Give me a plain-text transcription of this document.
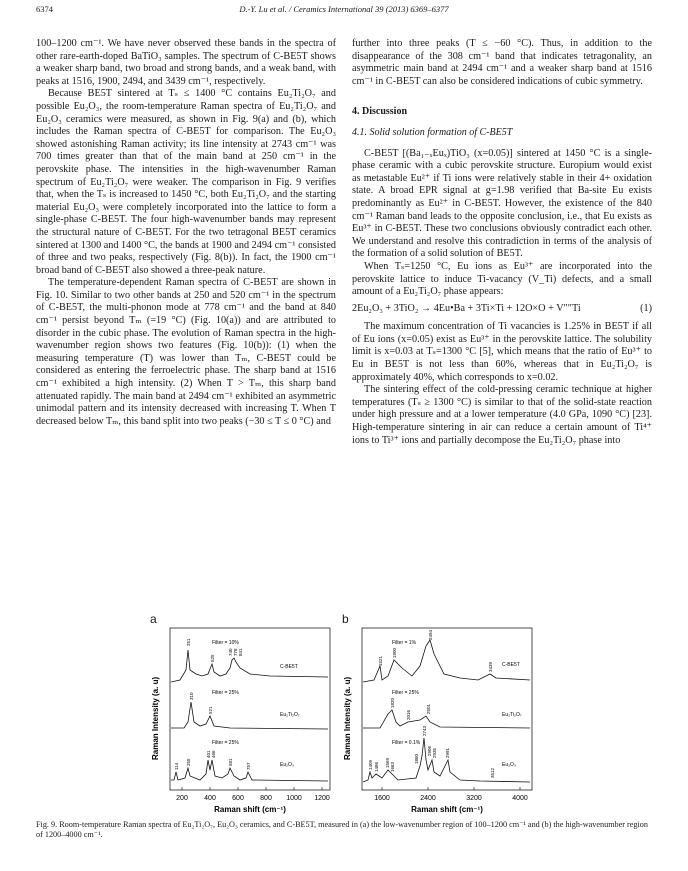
6374	D.-Y. Lu et al. / Ceramics International 39 (2013) 6369–6377

100–1200 cm⁻¹. We have never observed these bands in the spectra of other rare-earth-doped BaTiO₃ samples. The spectrum of C-BE5T shows a weaker sharp band, two broad and strong bands, and a weak band, with peaks at 1516, 1900, 2494, and 3439 cm⁻¹, respectively.

Because BE5T sintered at Tₛ ≤ 1400 °C contains Eu₂Ti₂O₇ and possible Eu₂O₃, the room-temperature Raman spectra of Eu₂Ti₂O₇ and Eu₂O₃ ceramics were measured, as shown in Fig. 9(a) and (b), which includes the Raman spectra of C-BE5T for comparison. The Eu₂O₃ showed astonishing Raman activity; its line intensity at 2743 cm⁻¹ was 700 times greater than that of the main band at 250 cm⁻¹ in the perovskite phase. The intensities in the high-wavenumber Raman spectrum of Eu₂Ti₂O₇ were weaker. The comparison in Fig. 9 verifies that, when the Tₛ is increased to 1450 °C, both Eu₂Ti₂O₇ and the starting material Eu₂O₃ were completely incorporated into the lattice to form a single-phase C-BE5T. The four high-wavenumber bands may represent the structural nature of C-BE5T. For the two tetragonal BE5T ceramics sintered at 1300 and 1400 °C, the bands at 1900 and 2494 cm⁻¹ consisted of three and two peaks, respectively (Fig. 8(b)). In fact, the 1900 cm⁻¹ broad band of C-BE5T also showed a three-peak nature.

The temperature-dependent Raman spectra of C-BE5T are shown in Fig. 10. Similar to two other bands at 250 and 520 cm⁻¹ in the spectrum of C-BE5T, the multi-phonon mode at 778 cm⁻¹ and the band at 840 cm⁻¹ persist beyond Tₘ (=19 °C) (Fig. 10(a)) and are attributed to disorder in the cubic phase. The evolution of Raman spectra in the high-wavenumber region shows two features (Fig. 10(b)): (1) when the measuring temperature (T) was lower than Tₘ, C-BE5T could be considered as entering the ferroelectric phase. The sharp band at 1516 cm⁻¹ exhibited a high intensity. (2) When T > Tₘ, this sharp band attenuated rapidly. The main band at 2494 cm⁻¹ exhibited an asymmetric unimodal pattern and its intensity decreased with increasing T. When T decreased below Tₘ, this band split into two peaks (−30 ≤ T ≤ 0 °C) and

further into three peaks (T ≤ −60 °C). Thus, in addition to the disappearance of the 308 cm⁻¹ band that indicates tetragonality, an asymmetric main band at 2494 cm⁻¹ and a weaker sharp band at 1516 cm⁻¹ in C-BE5T can also be considered indications of cubic symmetry.

4. Discussion
4.1. Solid solution formation of C-BE5T

C-BE5T [(Ba₁₋ₓEuₓ)TiO₃ (x=0.05)] sintered at 1450 °C is a single-phase ceramic with a cubic perovskite structure. Europium would exist as metastable Eu²⁺ if Ti ions were relatively stable in their 4+ oxidation state. A broad EPR signal at g=1.98 verified that Ba-site Eu exists predominantly as Eu²⁺ in C-BE5T. However, the existence of the 840 cm⁻¹ Raman band leads to the opposite conclusion, i.e., that Eu exists as Eu³⁺ in C-BE5T. These two conclusions obviously contradict each other. We understand and resolve this contradiction in terms of the analysis of the formation of a solid solution of BE5T.

When Tₛ=1250 °C, Eu ions as Eu³⁺ are incorporated into the perovskite lattice to induce Ti-vacancy (V_Ti) defects, and a small amount of a Eu₂Ti₂O₇ phase appears:

2Eu₂O₃ + 3TiO₂ → 4Eu•Ba + 3Ti×Ti + 12O×O + V″″Ti	(1)

The maximum concentration of Ti vacancies is 1.25% in BE5T if all of Eu ions (x=0.05) exist as Eu³⁺ in the perovskite lattice. The solubility limit is x=0.03 at Tₛ=1300 °C [5], which means that the ratio of Eu³⁺ to Eu in BE5T is not less than 60%, whereas that in Eu₂Ti₂O₇ is approximately 40%, which corresponds to x=0.02.

The sintering effect of the cold-pressing ceramic technique at higher temperatures (Tₛ ≥ 1300 °C) is similar to that of the solid-state reaction under high pressure and at a lower temperature (4.0 GPa, 1090 °C) [23]. High-temperature sintering in air can reduce a certain amount of Ti⁴⁺ ions to Ti³⁺ ions and partially decompose the Eu₂Ti₂O₇ phase into

a	b
Raman Intensity (a. u)	Raman Intensity (a. u)
Raman shift (cm⁻¹)	Raman shift (cm⁻¹)
200 400 600 800 1000 1200	1600	2400	3200	4000
Filter = 10%
C-BE5T
Filter = 25%
Eu₂Ti₂O₇
Filter = 25%
Eu₂O₃
251
525
740 778 841
310
521
114
255
401 466
581
757
Filter = 1%
C-BE5T
Filter = 25%
Eu₂Ti₂O₇
Filter = 0.1%
Eu₂O₃
1521
1900
2494
3439
1820
2016
2501
1409 1486 1569 1663
1860
2743
2906 2935 2991
3512
Fig. 9. Room-temperature Raman spectra of Eu₂Ti₂O₇, Eu₂O₃ ceramics, and C-BE5T, measured in (a) the low-wavenumber region of 100–1200 cm⁻¹ and (b) the high-wavenumber region of 1200–4000 cm⁻¹.
